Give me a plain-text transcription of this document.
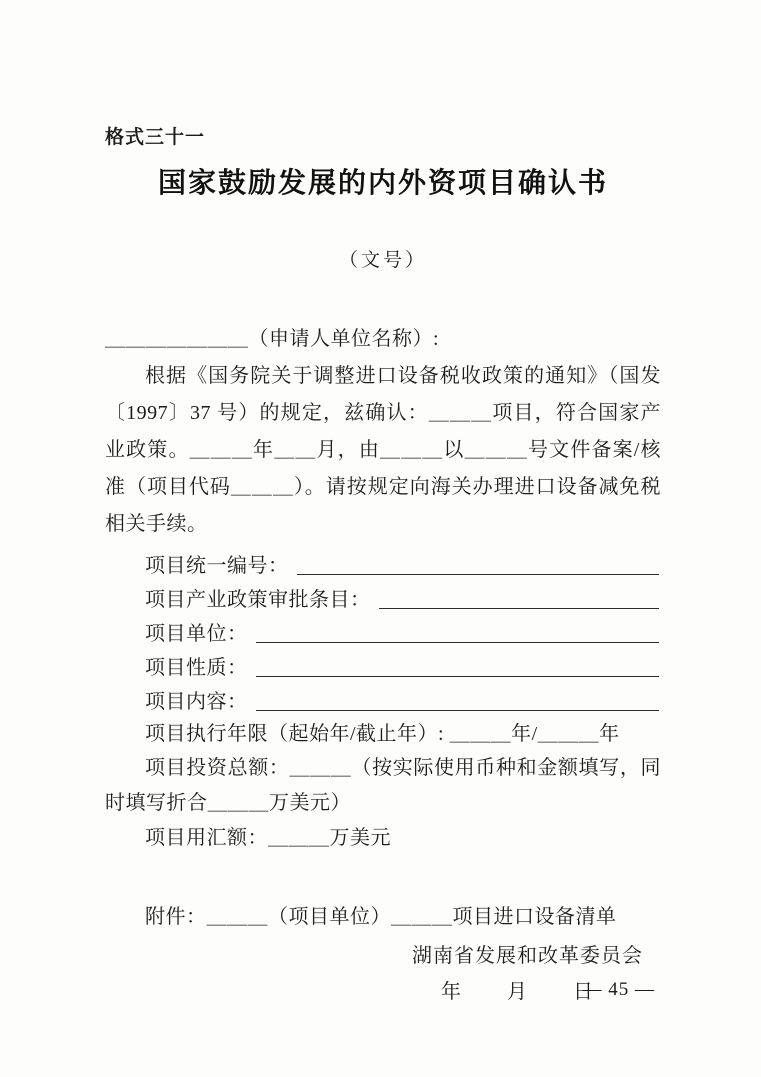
格式三十一
国家鼓励发展的内外资项目确认书
（文号）
＿＿＿＿＿＿＿（申请人单位名称）:

根据《国务院关于调整进口设备税收政策的通知》（国发〔1997〕37 号）的规定，兹确认：＿＿＿项目，符合国家产业政策。＿＿＿年＿＿月，由＿＿＿以＿＿＿号文件备案/核准（项目代码＿＿＿）。请按规定向海关办理进口设备减免税相关手续。

项目统一编号：
项目产业政策审批条目：
项目单位：
项目性质：
项目内容：
项目执行年限（起始年/截止年）: ＿＿＿年/＿＿＿年

项目投资总额：＿＿＿（按实际使用币种和金额填写，同时填写折合＿＿＿万美元）

项目用汇额：＿＿＿万美元
附件：＿＿＿（项目单位）＿＿＿项目进口设备清单
湖南省发展和改革委员会
年　　月　　日
— 45 —
